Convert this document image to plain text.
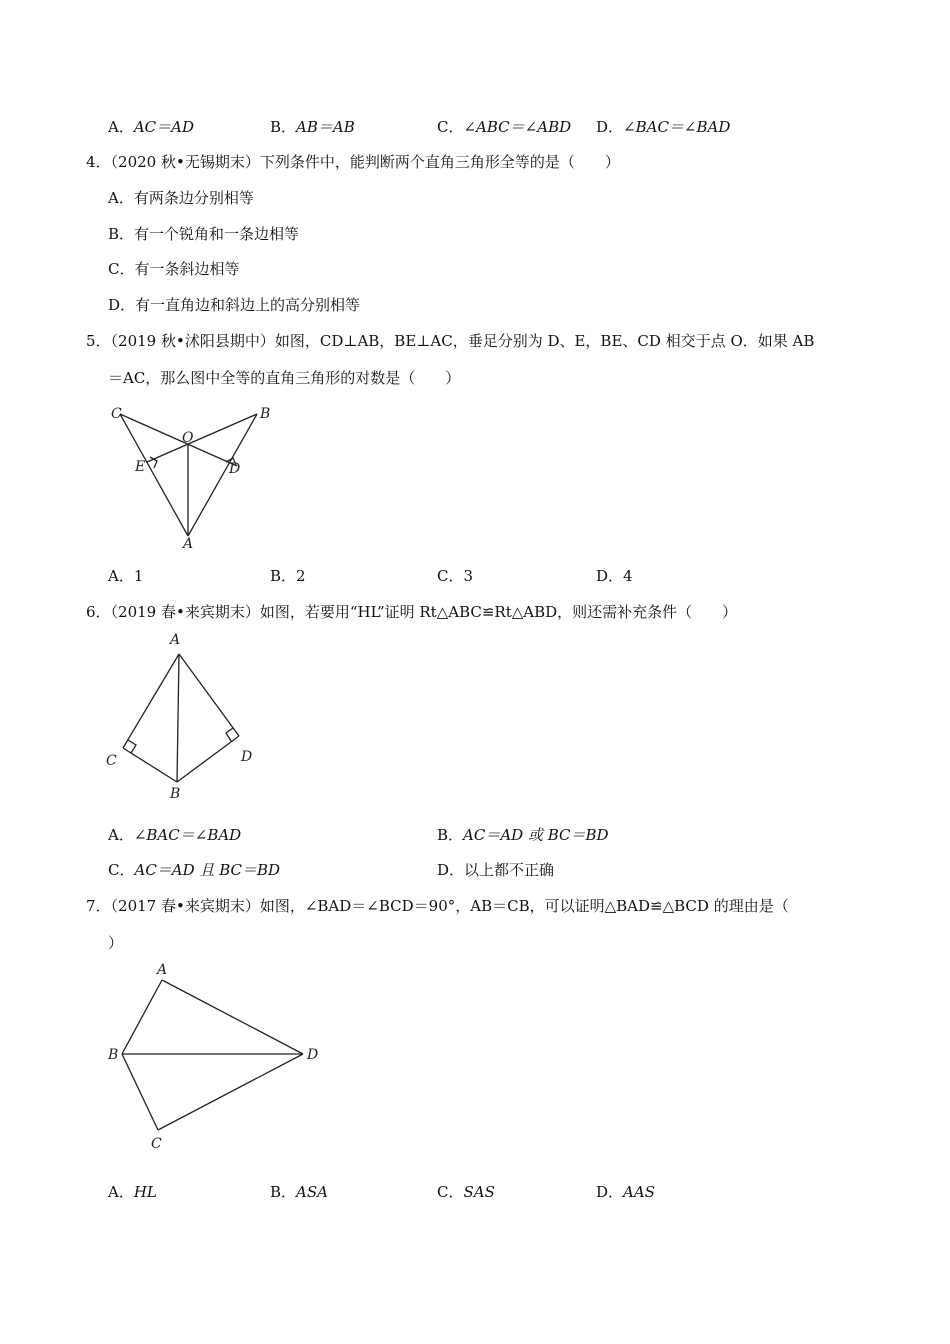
A．AC＝AD	B．AB＝AB	C．∠ABC＝∠ABD D．∠BAC＝∠BAD
4．（2020 秋•无锡期末）下列条件中，能判断两个直角三角形全等的是（　　）
A．有两条边分别相等
B．有一个锐角和一条边相等
C．有一条斜边相等
D．有一直角边和斜边上的高分别相等
5．（2019 秋•沭阳县期中）如图，CD⊥AB，BE⊥AC，垂足分别为 D、E，BE、CD 相交于点 O．如果 AB
＝AC，那么图中全等的直角三角形的对数是（　　）
C	B
O
E	D
A
A．1	B．2	C．3	D．4
6．（2019 春•来宾期末）如图，若要用“HL”证明 Rt△ABC≌Rt△ABD，则还需补充条件（　　）
A
C	D
B
A．∠BAC＝∠BAD	B．AC＝AD 或 BC＝BD
C．AC＝AD 且 BC＝BD	D．以上都不正确
7．（2017 春•来宾期末）如图，∠BAD＝∠BCD＝90°，AB＝CB，可以证明△BAD≌△BCD 的理由是（
）
A
B	D
C
A．HL	B．ASA	C．SAS	D．AAS
